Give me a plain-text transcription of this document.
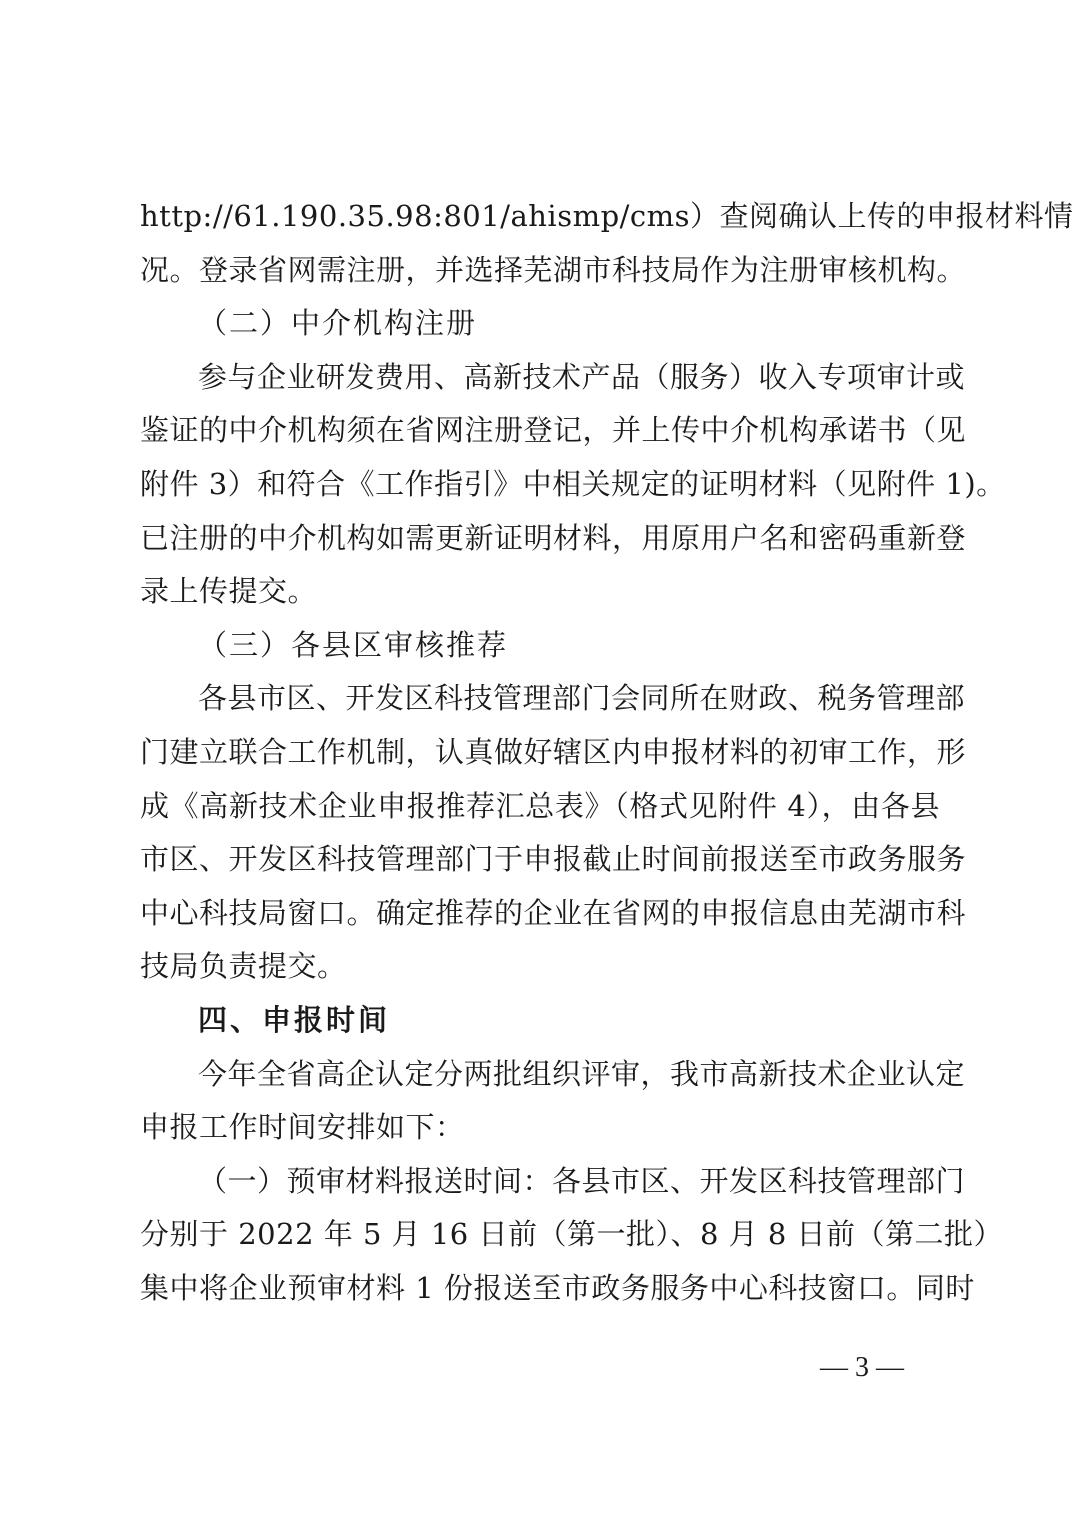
http://61.190.35.98:801/ahismp/cms）查阅确认上传的申报材料情
况。登录省网需注册，并选择芜湖市科技局作为注册审核机构。
（二）中介机构注册
参与企业研发费用、高新技术产品（服务）收入专项审计或
鉴证的中介机构须在省网注册登记，并上传中介机构承诺书（见
附件 3）和符合《工作指引》中相关规定的证明材料（见附件 1)。
已注册的中介机构如需更新证明材料，用原用户名和密码重新登
录上传提交。
（三）各县区审核推荐
各县市区、开发区科技管理部门会同所在财政、税务管理部
门建立联合工作机制，认真做好辖区内申报材料的初审工作，形
成《高新技术企业申报推荐汇总表》（格式见附件 4），由各县
市区、开发区科技管理部门于申报截止时间前报送至市政务服务
中心科技局窗口。确定推荐的企业在省网的申报信息由芜湖市科
技局负责提交。
四、申报时间
今年全省高企认定分两批组织评审，我市高新技术企业认定
申报工作时间安排如下：
（一）预审材料报送时间：各县市区、开发区科技管理部门
分别于 2022 年 5 月 16 日前（第一批）、8 月 8 日前（第二批）
集中将企业预审材料 1 份报送至市政务服务中心科技窗口。同时
— 3 —
